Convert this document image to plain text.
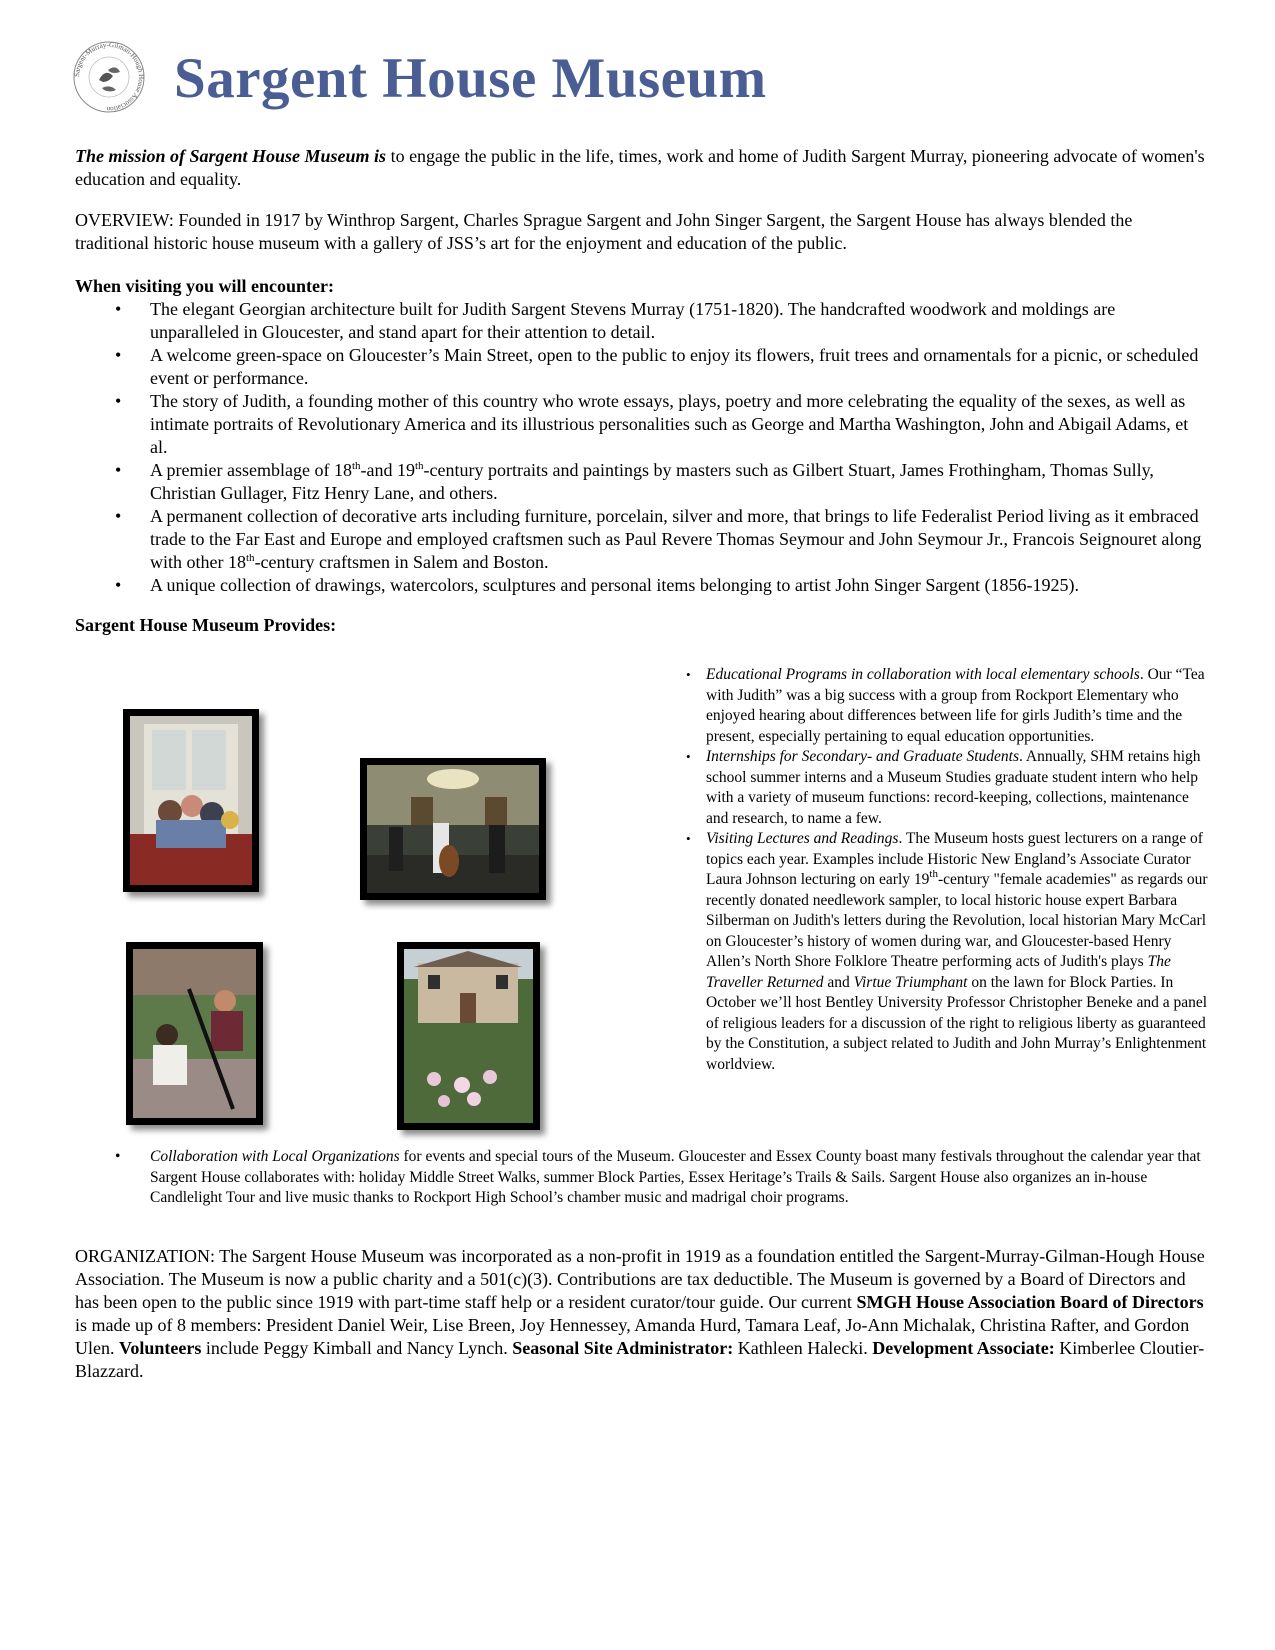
Sargent-Murray-Gilman-Hough House Association	Sargent House Museum

The mission of Sargent House Museum is to engage the public in the life, times, work and home of Judith Sargent Murray, pioneering advocate of women's education and equality.

OVERVIEW: Founded in 1917 by Winthrop Sargent, Charles Sprague Sargent and John Singer Sargent, the Sargent House has always blended the traditional historic house museum with a gallery of JSS’s art for the enjoyment and education of the public.

When visiting you will encounter:

• The elegant Georgian architecture built for Judith Sargent Stevens Murray (1751-1820). The handcrafted woodwork and moldings are unparalleled in Gloucester, and stand apart for their attention to detail.
• A welcome green-space on Gloucester’s Main Street, open to the public to enjoy its flowers, fruit trees and ornamentals for a picnic, or scheduled event or performance.
• The story of Judith, a founding mother of this country who wrote essays, plays, poetry and more celebrating the equality of the sexes, as well as intimate portraits of Revolutionary America and its illustrious personalities such as George and Martha Washington, John and Abigail Adams, et al.
• A premier assemblage of 18th-and 19th-century portraits and paintings by masters such as Gilbert Stuart, James Frothingham, Thomas Sully, Christian Gullager, Fitz Henry Lane, and others.
• A permanent collection of decorative arts including furniture, porcelain, silver and more, that brings to life Federalist Period living as it embraced trade to the Far East and Europe and employed craftsmen such as Paul Revere Thomas Seymour and John Seymour Jr., Francois Seignouret along with other 18th-century craftsmen in Salem and Boston.
• A unique collection of drawings, watercolors, sculptures and personal items belonging to artist John Singer Sargent (1856-1925).

Sargent House Museum Provides:

• Educational Programs in collaboration with local elementary schools. Our “Tea with Judith” was a big success with a group from Rockport Elementary who enjoyed hearing about differences between life for girls Judith’s time and the present, especially pertaining to equal education opportunities.
• Internships for Secondary- and Graduate Students. Annually, SHM retains high school summer interns and a Museum Studies graduate student intern who help with a variety of museum functions: record-keeping, collections, maintenance and research, to name a few.
• Visiting Lectures and Readings. The Museum hosts guest lecturers on a range of topics each year. Examples include Historic New England’s Associate Curator Laura Johnson lecturing on early 19th-century "female academies" as regards our recently donated needlework sampler, to local historic house expert Barbara Silberman on Judith's letters during the Revolution, local historian Mary McCarl on Gloucester’s history of women during war, and Gloucester-based Henry Allen’s North Shore Folklore Theatre performing acts of Judith's plays The Traveller Returned and Virtue Triumphant on the lawn for Block Parties. In October we’ll host Bentley University Professor Christopher Beneke and a panel of religious leaders for a discussion of the right to religious liberty as guaranteed by the Constitution, a subject related to Judith and John Murray’s Enlightenment worldview.
• Collaboration with Local Organizations for events and special tours of the Museum. Gloucester and Essex County boast many festivals throughout the calendar year that Sargent House collaborates with: holiday Middle Street Walks, summer Block Parties, Essex Heritage’s Trails & Sails. Sargent House also organizes an in-house Candlelight Tour and live music thanks to Rockport High School’s chamber music and madrigal choir programs.

ORGANIZATION: The Sargent House Museum was incorporated as a non-profit in 1919 as a foundation entitled the Sargent-Murray-Gilman-Hough House Association. The Museum is now a public charity and a 501(c)(3). Contributions are tax deductible. The Museum is governed by a Board of Directors and has been open to the public since 1919 with part-time staff help or a resident curator/tour guide. Our current SMGH House Association Board of Directors is made up of 8 members: President Daniel Weir, Lise Breen, Joy Hennessey, Amanda Hurd, Tamara Leaf, Jo-Ann Michalak, Christina Rafter, and Gordon Ulen. Volunteers include Peggy Kimball and Nancy Lynch. Seasonal Site Administrator: Kathleen Halecki. Development Associate: Kimberlee Cloutier-Blazzard.
